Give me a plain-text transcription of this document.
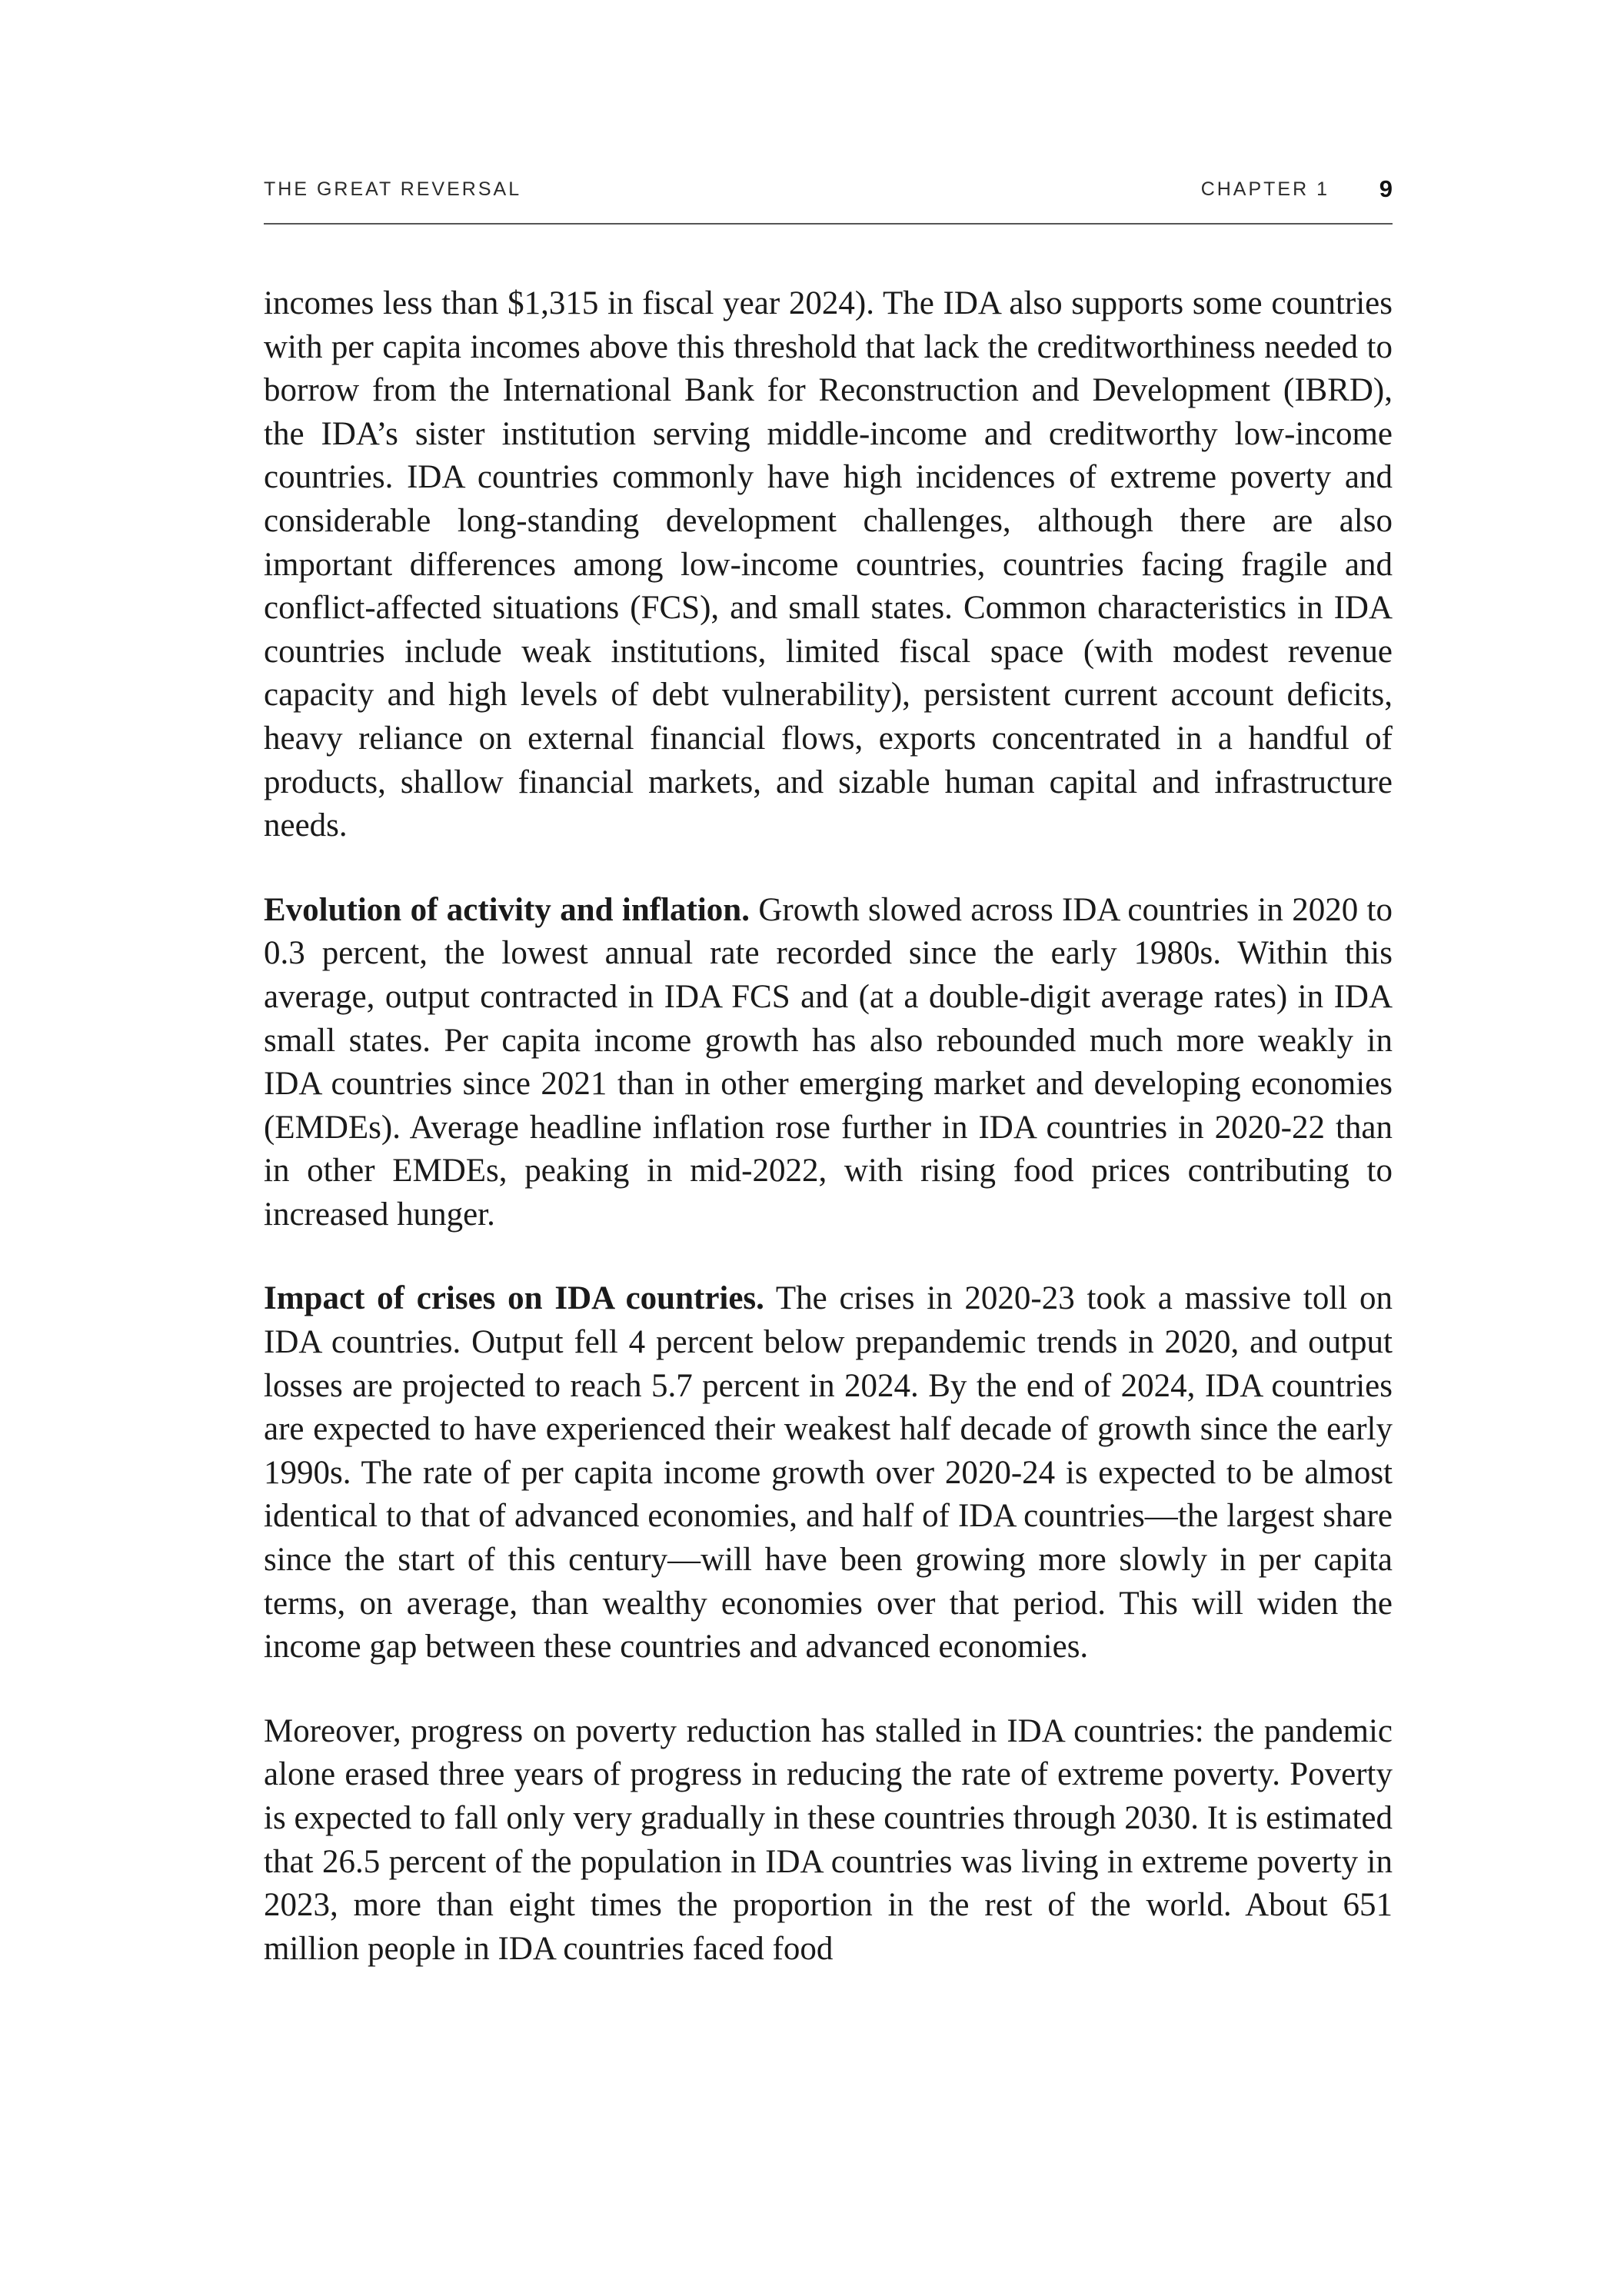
THE GREAT REVERSAL	CHAPTER 1 9

incomes less than $1,315 in fiscal year 2024). The IDA also supports some countries with per capita incomes above this threshold that lack the creditworthiness needed to borrow from the International Bank for Reconstruction and Development (IBRD), the IDA’s sister institution serving middle-income and creditworthy low-income countries. IDA countries commonly have high incidences of extreme poverty and considerable long-standing development challenges, although there are also important differences among low-income countries, countries facing fragile and conflict-affected situations (FCS), and small states. Common characteristics in IDA countries include weak institutions, limited fiscal space (with modest revenue capacity and high levels of debt vulnerability), persistent current account deficits, heavy reliance on external financial flows, exports concentrated in a handful of products, shallow financial markets, and sizable human capital and infrastructure needs.

Evolution of activity and inflation. Growth slowed across IDA countries in 2020 to 0.3 percent, the lowest annual rate recorded since the early 1980s. Within this average, output contracted in IDA FCS and (at a double-digit average rates) in IDA small states. Per capita income growth has also rebounded much more weakly in IDA countries since 2021 than in other emerging market and developing economies (EMDEs). Average headline inflation rose further in IDA countries in 2020-22 than in other EMDEs, peaking in mid-2022, with rising food prices contributing to increased hunger.

Impact of crises on IDA countries. The crises in 2020-23 took a massive toll on IDA countries. Output fell 4 percent below prepandemic trends in 2020, and output losses are projected to reach 5.7 percent in 2024. By the end of 2024, IDA countries are expected to have experienced their weakest half decade of growth since the early 1990s. The rate of per capita income growth over 2020-24 is expected to be almost identical to that of advanced economies, and half of IDA countries—the largest share since the start of this century—will have been growing more slowly in per capita terms, on average, than wealthy economies over that period. This will widen the income gap between these countries and advanced economies.

Moreover, progress on poverty reduction has stalled in IDA countries: the pandemic alone erased three years of progress in reducing the rate of extreme poverty. Poverty is expected to fall only very gradually in these countries through 2030. It is estimated that 26.5 percent of the population in IDA countries was living in extreme poverty in 2023, more than eight times the proportion in the rest of the world. About 651 million people in IDA countries faced food
